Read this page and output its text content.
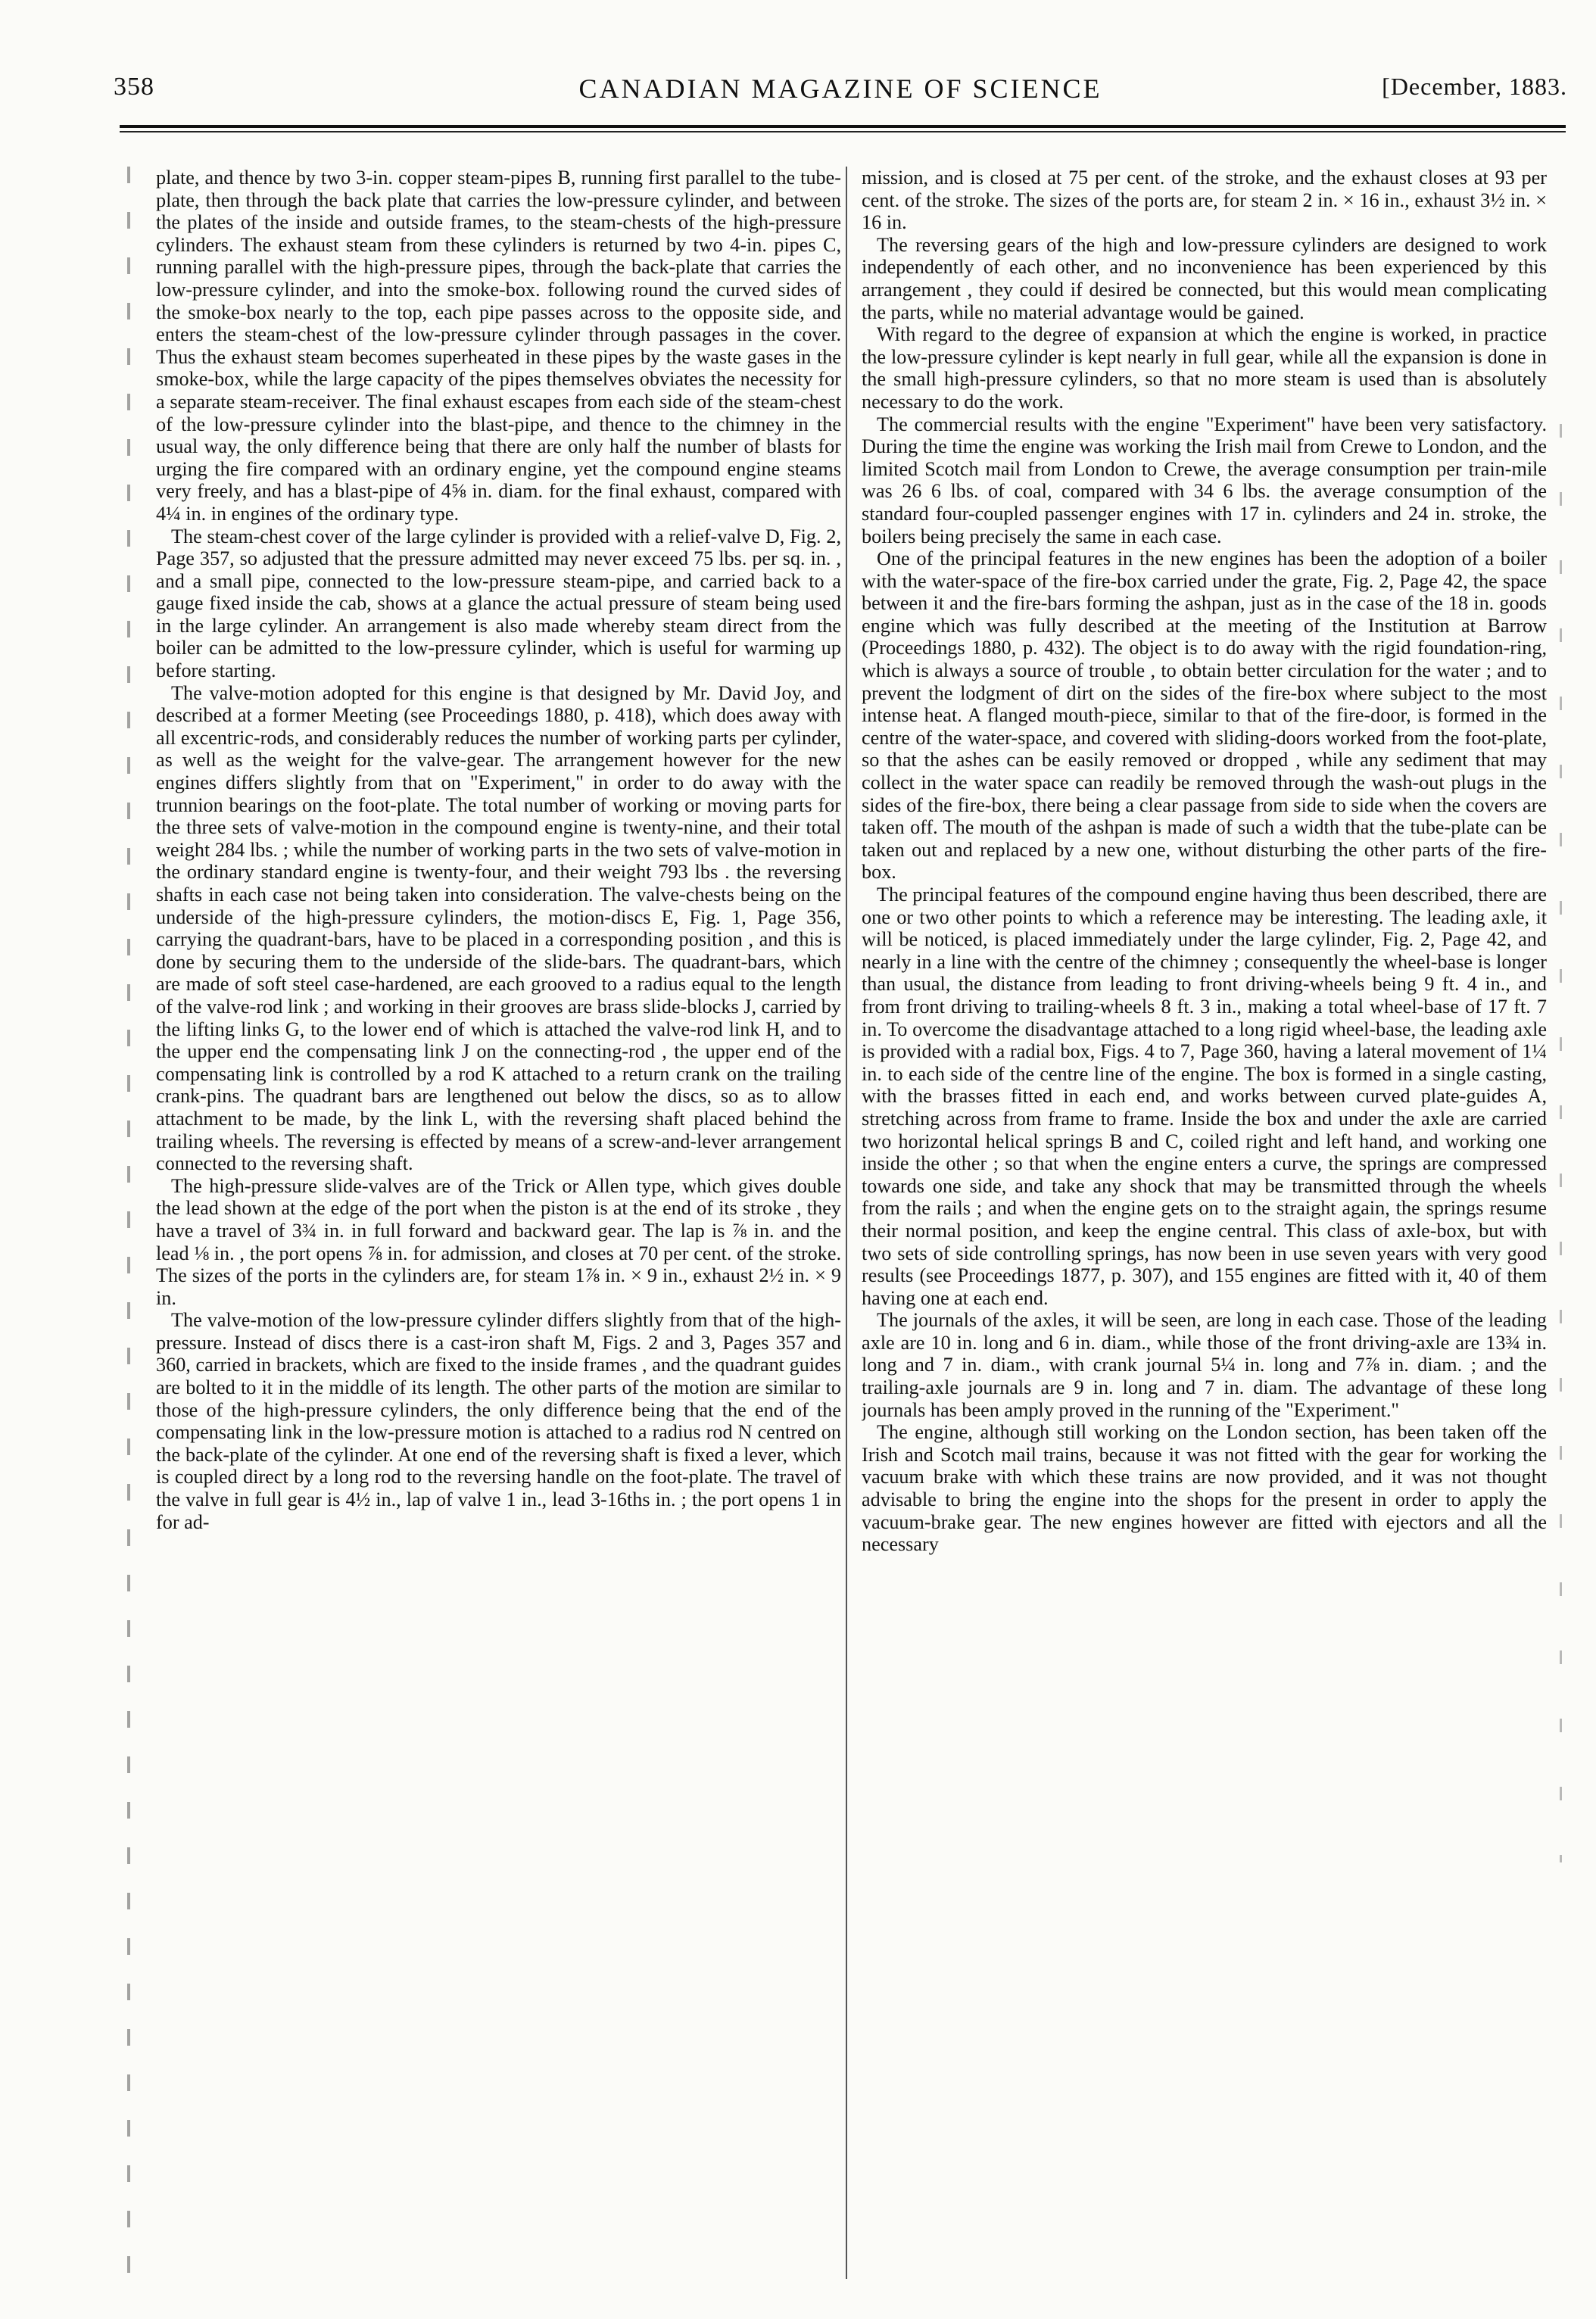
358	CANADIAN MAGAZINE OF SCIENCE	[December, 1883.

plate, and thence by two 3-in. copper steam-pipes B, running first parallel to the tube-plate, then through the back plate that carries the low-pressure cylinder, and between the plates of the inside and outside frames, to the steam-chests of the high-pressure cylinders. The exhaust steam from these cylinders is returned by two 4-in. pipes C, running parallel with the high-pressure pipes, through the back-plate that carries the low-pressure cylinder, and into the smoke-box. following round the curved sides of the smoke-box nearly to the top, each pipe passes across to the opposite side, and enters the steam-chest of the low-pressure cylinder through passages in the cover. Thus the exhaust steam becomes superheated in these pipes by the waste gases in the smoke-box, while the large capacity of the pipes themselves obviates the necessity for a separate steam-receiver. The final exhaust escapes from each side of the steam-chest of the low-pressure cylinder into the blast-pipe, and thence to the chimney in the usual way, the only difference being that there are only half the number of blasts for urging the fire compared with an ordinary engine, yet the compound engine steams very freely, and has a blast-pipe of 4⅝ in. diam. for the final exhaust, compared with 4¼ in. in engines of the ordinary type.

The steam-chest cover of the large cylinder is provided with a relief-valve D, Fig. 2, Page 357, so adjusted that the pressure admitted may never exceed 75 lbs. per sq. in. , and a small pipe, connected to the low-pressure steam-pipe, and carried back to a gauge fixed inside the cab, shows at a glance the actual pressure of steam being used in the large cylinder. An arrangement is also made whereby steam direct from the boiler can be admitted to the low-pressure cylinder, which is useful for warming up before starting.

The valve-motion adopted for this engine is that designed by Mr. David Joy, and described at a former Meeting (see Proceedings 1880, p. 418), which does away with all excentric-rods, and considerably reduces the number of working parts per cylinder, as well as the weight for the valve-gear. The arrangement however for the new engines differs slightly from that on "Experiment," in order to do away with the trunnion bearings on the foot-plate. The total number of working or moving parts for the three sets of valve-motion in the compound engine is twenty-nine, and their total weight 284 lbs. ; while the number of working parts in the two sets of valve-motion in the ordinary standard engine is twenty-four, and their weight 793 lbs . the reversing shafts in each case not being taken into consideration. The valve-chests being on the underside of the high-pressure cylinders, the motion-discs E, Fig. 1, Page 356, carrying the quadrant-bars, have to be placed in a corresponding position , and this is done by securing them to the underside of the slide-bars. The quadrant-bars, which are made of soft steel case-hardened, are each grooved to a radius equal to the length of the valve-rod link ; and working in their grooves are brass slide-blocks J, carried by the lifting links G, to the lower end of which is attached the valve-rod link H, and to the upper end the compensating link J on the connecting-rod , the upper end of the compensating link is controlled by a rod K attached to a return crank on the trailing crank-pins. The quadrant bars are lengthened out below the discs, so as to allow attachment to be made, by the link L, with the reversing shaft placed behind the trailing wheels. The reversing is effected by means of a screw-and-lever arrangement connected to the reversing shaft.

The high-pressure slide-valves are of the Trick or Allen type, which gives double the lead shown at the edge of the port when the piston is at the end of its stroke , they have a travel of 3¾ in. in full forward and backward gear. The lap is ⅞ in. and the lead ⅛ in. , the port opens ⅞ in. for admission, and closes at 70 per cent. of the stroke. The sizes of the ports in the cylinders are, for steam 1⅞ in. × 9 in., exhaust 2½ in. × 9 in.

The valve-motion of the low-pressure cylinder differs slightly from that of the high-pressure. Instead of discs there is a cast-iron shaft M, Figs. 2 and 3, Pages 357 and 360, carried in brackets, which are fixed to the inside frames , and the quadrant guides are bolted to it in the middle of its length. The other parts of the motion are similar to those of the high-pressure cylinders, the only difference being that the end of the compensating link in the low-pressure motion is attached to a radius rod N centred on the back-plate of the cylinder. At one end of the reversing shaft is fixed a lever, which is coupled direct by a long rod to the reversing handle on the foot-plate. The travel of the valve in full gear is 4½ in., lap of valve 1 in., lead 3-16ths in. ; the port opens 1 in for ad-

mission, and is closed at 75 per cent. of the stroke, and the exhaust closes at 93 per cent. of the stroke. The sizes of the ports are, for steam 2 in. × 16 in., exhaust 3½ in. × 16 in.

The reversing gears of the high and low-pressure cylinders are designed to work independently of each other, and no inconvenience has been experienced by this arrangement , they could if desired be connected, but this would mean complicating the parts, while no material advantage would be gained.

With regard to the degree of expansion at which the engine is worked, in practice the low-pressure cylinder is kept nearly in full gear, while all the expansion is done in the small high-pressure cylinders, so that no more steam is used than is absolutely necessary to do the work.

The commercial results with the engine "Experiment" have been very satisfactory. During the time the engine was working the Irish mail from Crewe to London, and the limited Scotch mail from London to Crewe, the average consumption per train-mile was 26 6 lbs. of coal, compared with 34 6 lbs. the average consumption of the standard four-coupled passenger engines with 17 in. cylinders and 24 in. stroke, the boilers being precisely the same in each case.

One of the principal features in the new engines has been the adoption of a boiler with the water-space of the fire-box carried under the grate, Fig. 2, Page 42, the space between it and the fire-bars forming the ashpan, just as in the case of the 18 in. goods engine which was fully described at the meeting of the Institution at Barrow (Proceedings 1880, p. 432). The object is to do away with the rigid foundation-ring, which is always a source of trouble , to obtain better circulation for the water ; and to prevent the lodgment of dirt on the sides of the fire-box where subject to the most intense heat. A flanged mouth-piece, similar to that of the fire-door, is formed in the centre of the water-space, and covered with sliding-doors worked from the foot-plate, so that the ashes can be easily removed or dropped , while any sediment that may collect in the water space can readily be removed through the wash-out plugs in the sides of the fire-box, there being a clear passage from side to side when the covers are taken off. The mouth of the ashpan is made of such a width that the tube-plate can be taken out and replaced by a new one, without disturbing the other parts of the fire-box.

The principal features of the compound engine having thus been described, there are one or two other points to which a reference may be interesting. The leading axle, it will be noticed, is placed immediately under the large cylinder, Fig. 2, Page 42, and nearly in a line with the centre of the chimney ; consequently the wheel-base is longer than usual, the distance from leading to front driving-wheels being 9 ft. 4 in., and from front driving to trailing-wheels 8 ft. 3 in., making a total wheel-base of 17 ft. 7 in. To overcome the disadvantage attached to a long rigid wheel-base, the leading axle is provided with a radial box, Figs. 4 to 7, Page 360, having a lateral movement of 1¼ in. to each side of the centre line of the engine. The box is formed in a single casting, with the brasses fitted in each end, and works between curved plate-guides A, stretching across from frame to frame. Inside the box and under the axle are carried two horizontal helical springs B and C, coiled right and left hand, and working one inside the other ; so that when the engine enters a curve, the springs are compressed towards one side, and take any shock that may be transmitted through the wheels from the rails ; and when the engine gets on to the straight again, the springs resume their normal position, and keep the engine central. This class of axle-box, but with two sets of side controlling springs, has now been in use seven years with very good results (see Proceedings 1877, p. 307), and 155 engines are fitted with it, 40 of them having one at each end.

The journals of the axles, it will be seen, are long in each case. Those of the leading axle are 10 in. long and 6 in. diam., while those of the front driving-axle are 13¾ in. long and 7 in. diam., with crank journal 5¼ in. long and 7⅞ in. diam. ; and the trailing-axle journals are 9 in. long and 7 in. diam. The advantage of these long journals has been amply proved in the running of the "Experiment."

The engine, although still working on the London section, has been taken off the Irish and Scotch mail trains, because it was not fitted with the gear for working the vacuum brake with which these trains are now provided, and it was not thought advisable to bring the engine into the shops for the present in order to apply the vacuum-brake gear. The new engines however are fitted with ejectors and all the necessary
